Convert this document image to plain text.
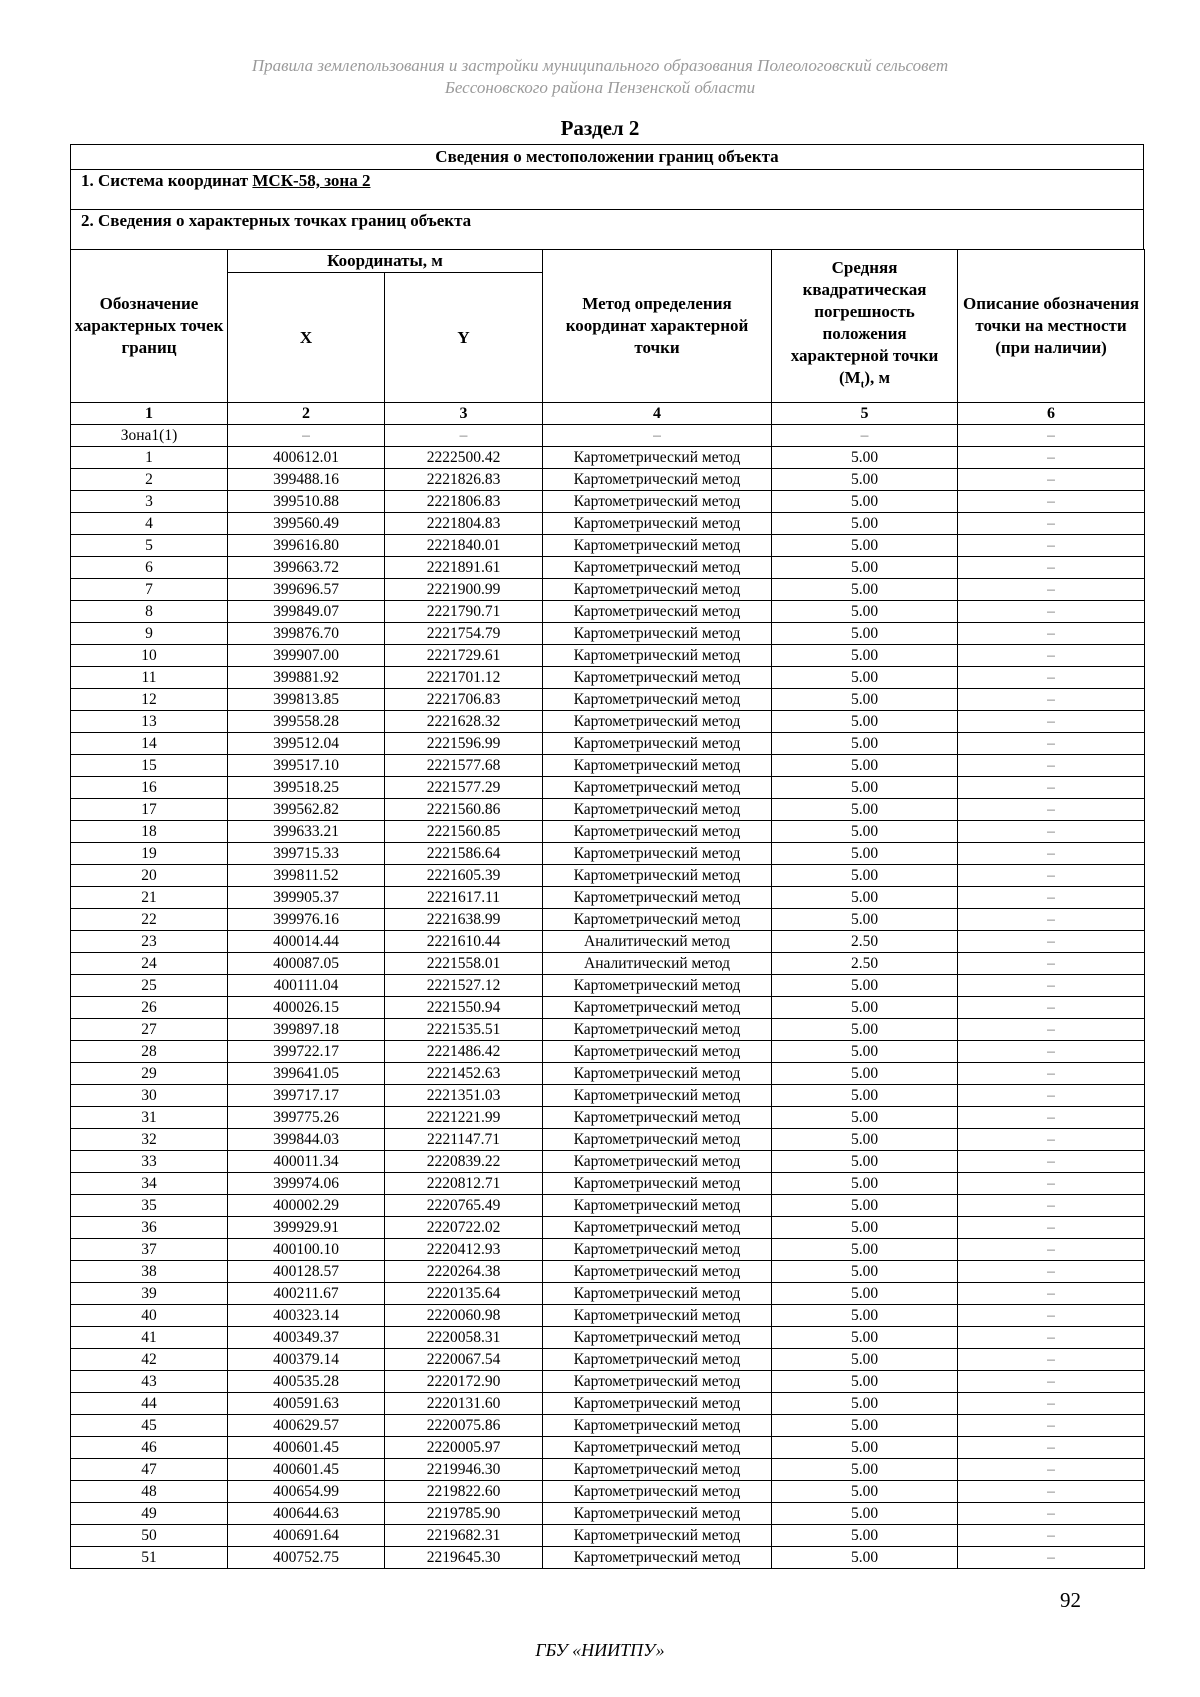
Правила землепользования и застройки муниципального образования Полеологовский сельсовет
Бессоновского района Пензенской области
Раздел 2
Сведения о местоположении границ объекта
1. Система координат МСК-58, зона 2
2. Сведения о характерных точках границ объекта
Обозначение характерных точек границ	Координаты, м		Метод определения координат характерной точки	Средняя квадратическая погрешность положения характерной точки $(M_t)$, м	Описание обозначения точки на местности (при наличии)
	X	Y			
1	2	3	4	5	6
Зона1(1)	–	–	–	–	–
1	400612.01	2222500.42	Картометрический метод	5.00	–
2	399488.16	2221826.83	Картометрический метод	5.00	–
3	399510.88	2221806.83	Картометрический метод	5.00	–
4	399560.49	2221804.83	Картометрический метод	5.00	–
5	399616.80	2221840.01	Картометрический метод	5.00	–
6	399663.72	2221891.61	Картометрический метод	5.00	–
7	399696.57	2221900.99	Картометрический метод	5.00	–
8	399849.07	2221790.71	Картометрический метод	5.00	–
9	399876.70	2221754.79	Картометрический метод	5.00	–
10	399907.00	2221729.61	Картометрический метод	5.00	–
11	399881.92	2221701.12	Картометрический метод	5.00	–
12	399813.85	2221706.83	Картометрический метод	5.00	–
13	399558.28	2221628.32	Картометрический метод	5.00	–
14	399512.04	2221596.99	Картометрический метод	5.00	–
15	399517.10	2221577.68	Картометрический метод	5.00	–
16	399518.25	2221577.29	Картометрический метод	5.00	–
17	399562.82	2221560.86	Картометрический метод	5.00	–
18	399633.21	2221560.85	Картометрический метод	5.00	–
19	399715.33	2221586.64	Картометрический метод	5.00	–
20	399811.52	2221605.39	Картометрический метод	5.00	–
21	399905.37	2221617.11	Картометрический метод	5.00	–
22	399976.16	2221638.99	Картометрический метод	5.00	–
23	400014.44	2221610.44	Аналитический метод	2.50	–
24	400087.05	2221558.01	Аналитический метод	2.50	–
25	400111.04	2221527.12	Картометрический метод	5.00	–
26	400026.15	2221550.94	Картометрический метод	5.00	–
27	399897.18	2221535.51	Картометрический метод	5.00	–
28	399722.17	2221486.42	Картометрический метод	5.00	–
29	399641.05	2221452.63	Картометрический метод	5.00	–
30	399717.17	2221351.03	Картометрический метод	5.00	–
31	399775.26	2221221.99	Картометрический метод	5.00	–
32	399844.03	2221147.71	Картометрический метод	5.00	–
33	400011.34	2220839.22	Картометрический метод	5.00	–
34	399974.06	2220812.71	Картометрический метод	5.00	–
35	400002.29	2220765.49	Картометрический метод	5.00	–
36	399929.91	2220722.02	Картометрический метод	5.00	–
37	400100.10	2220412.93	Картометрический метод	5.00	–
38	400128.57	2220264.38	Картометрический метод	5.00	–
39	400211.67	2220135.64	Картометрический метод	5.00	–
40	400323.14	2220060.98	Картометрический метод	5.00	–
41	400349.37	2220058.31	Картометрический метод	5.00	–
42	400379.14	2220067.54	Картометрический метод	5.00	–
43	400535.28	2220172.90	Картометрический метод	5.00	–
44	400591.63	2220131.60	Картометрический метод	5.00	–
45	400629.57	2220075.86	Картометрический метод	5.00	–
46	400601.45	2220005.97	Картометрический метод	5.00	–
47	400601.45	2219946.30	Картометрический метод	5.00	–
48	400654.99	2219822.60	Картометрический метод	5.00	–
49	400644.63	2219785.90	Картометрический метод	5.00	–
50	400691.64	2219682.31	Картометрический метод	5.00	–
51	400752.75	2219645.30	Картометрический метод	5.00	–
92
ГБУ «НИИТПУ»
